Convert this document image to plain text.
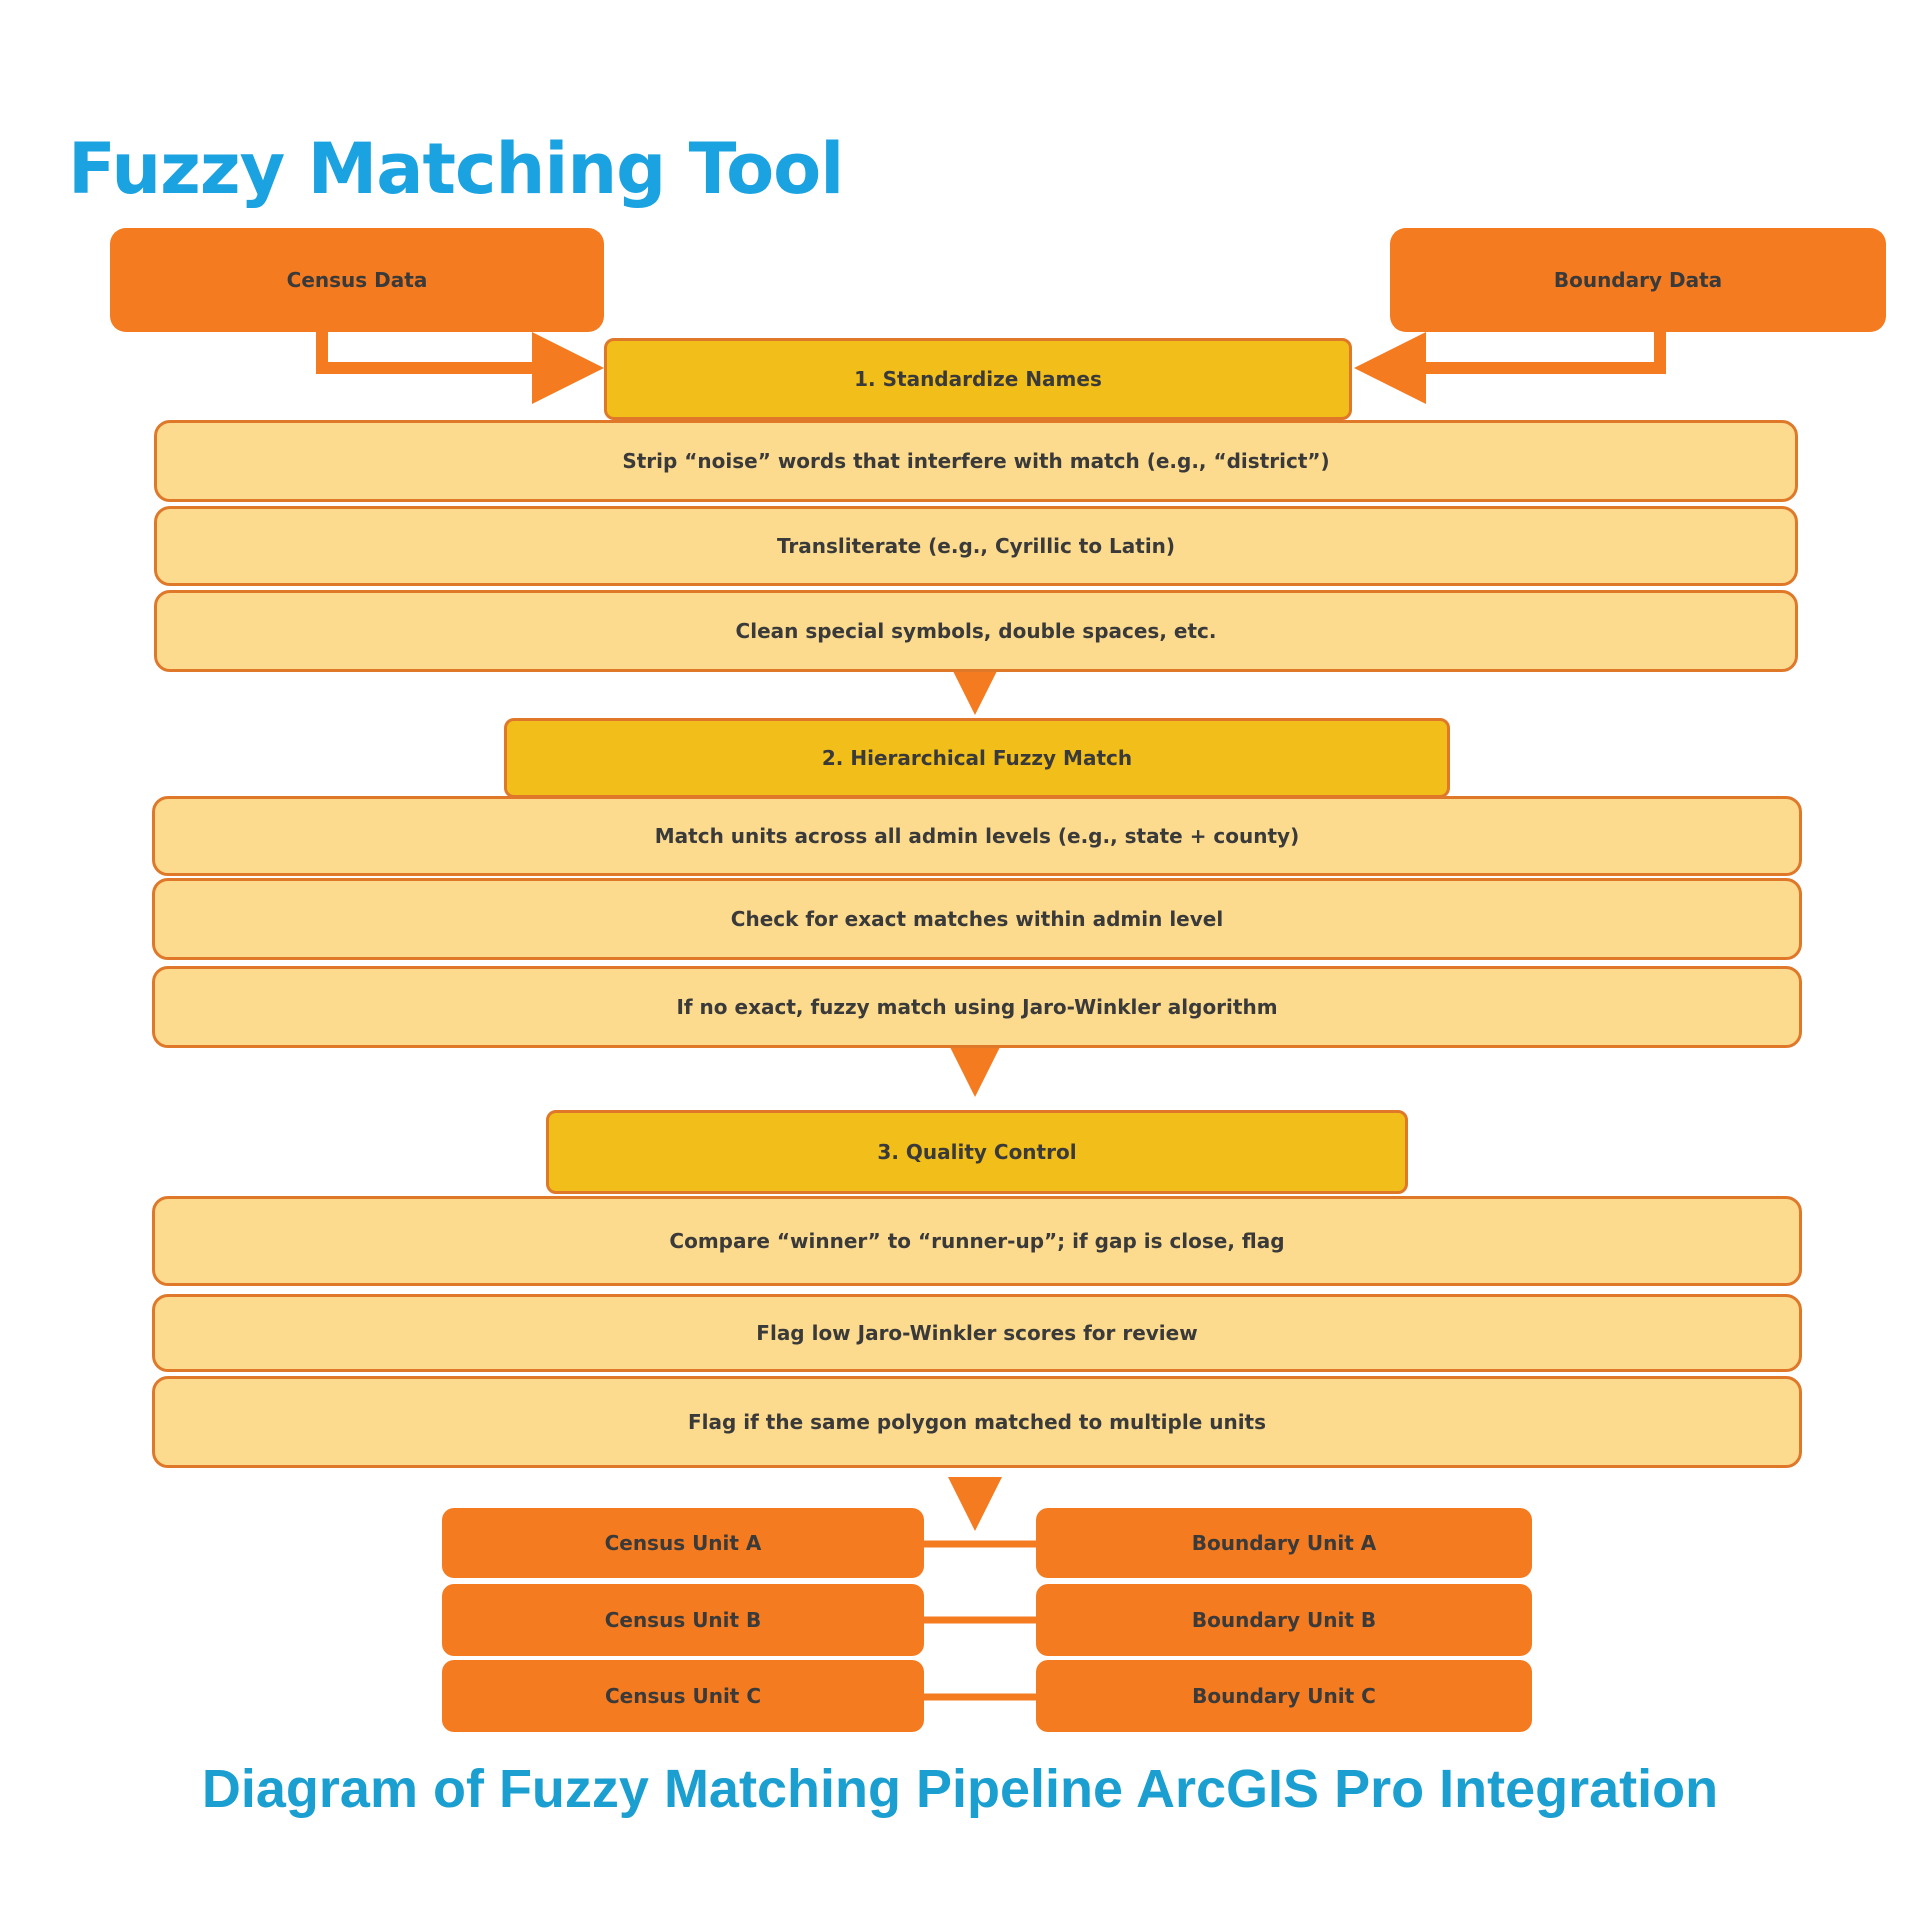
Fuzzy Matching Tool
Census Data	Boundary Data
1. Standardize Names
Strip “noise” words that interfere with match (e.g., “district”)
Transliterate (e.g., Cyrillic to Latin)
Clean special symbols, double spaces, etc.
2. Hierarchical Fuzzy Match
Match units across all admin levels (e.g., state + county)
Check for exact matches within admin level
If no exact, fuzzy match using Jaro-Winkler algorithm
3. Quality Control
Compare “winner” to “runner-up”; if gap is close, flag
Flag low Jaro-Winkler scores for review
Flag if the same polygon matched to multiple units
Census Unit A	Boundary Unit A
Census Unit B	Boundary Unit B
Census Unit C	Boundary Unit C
Diagram of Fuzzy Matching Pipeline ArcGIS Pro Integration
